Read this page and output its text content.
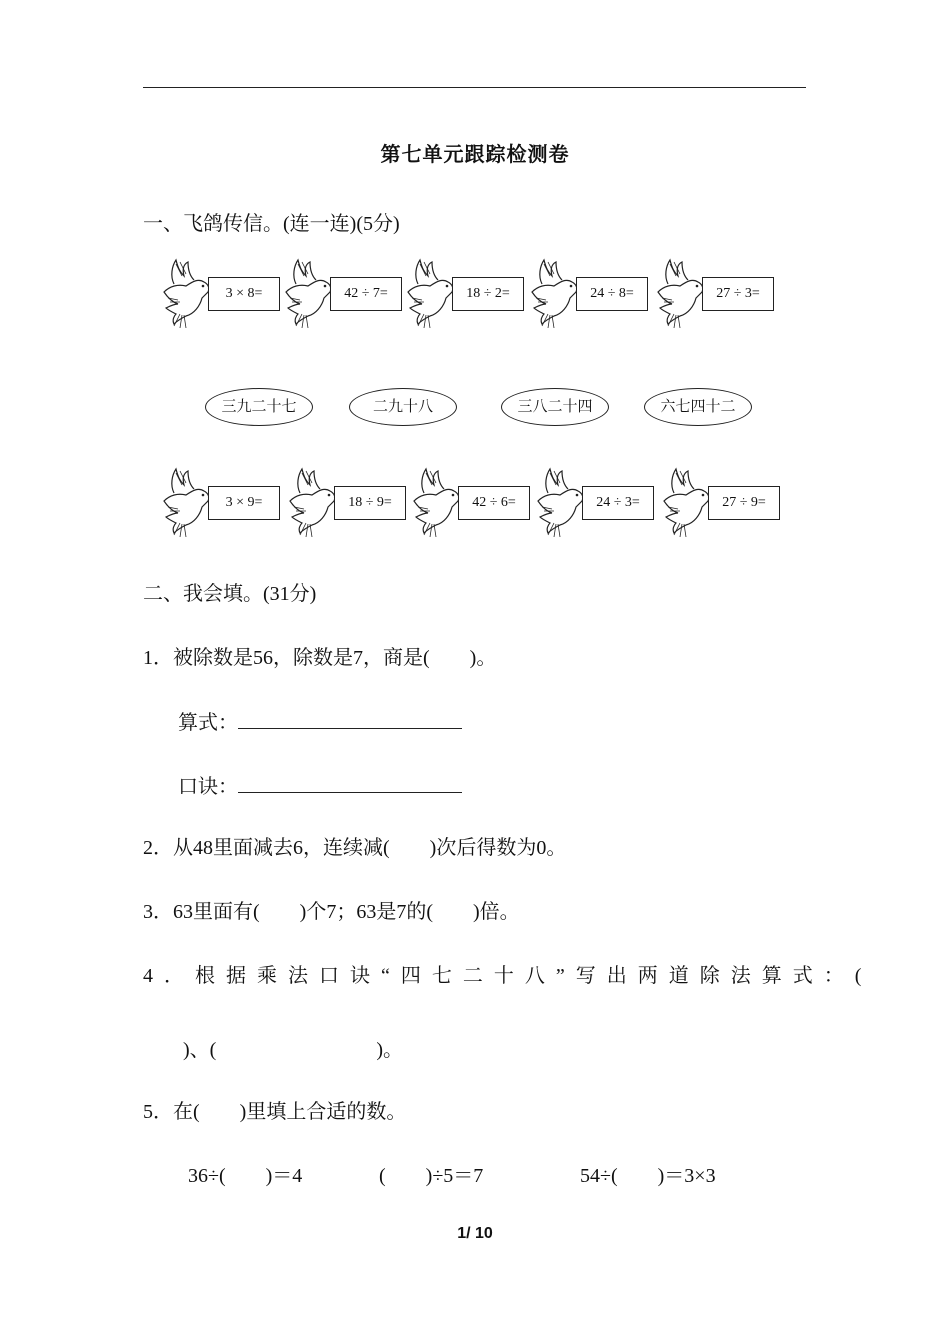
第七单元跟踪检测卷
一、飞鸽传信。(连一连)(5分)
3 × 8=	42 ÷ 7=	18 ÷ 2=	24 ÷ 8=	27 ÷ 3=
三九二十七	二九十八	三八二十四	六七四十二
3 × 9=	18 ÷ 9=	42 ÷ 6=	24 ÷ 3=	27 ÷ 9=
二、我会填。(31分)
1．被除数是56，除数是7，商是(　　)。
算式：
口诀：
2．从48里面减去6，连续减(　　)次后得数为0。
3．63里面有(　　)个7；63是7的(　　)倍。
4．根据乘法口诀“四七二十八”写出两道除法算式：(
)、(　　　　　　　　)。
5．在(　　)里填上合适的数。
36÷(　　)＝4	(　　)÷5＝7	54÷(　　)＝3×3
1/ 10
